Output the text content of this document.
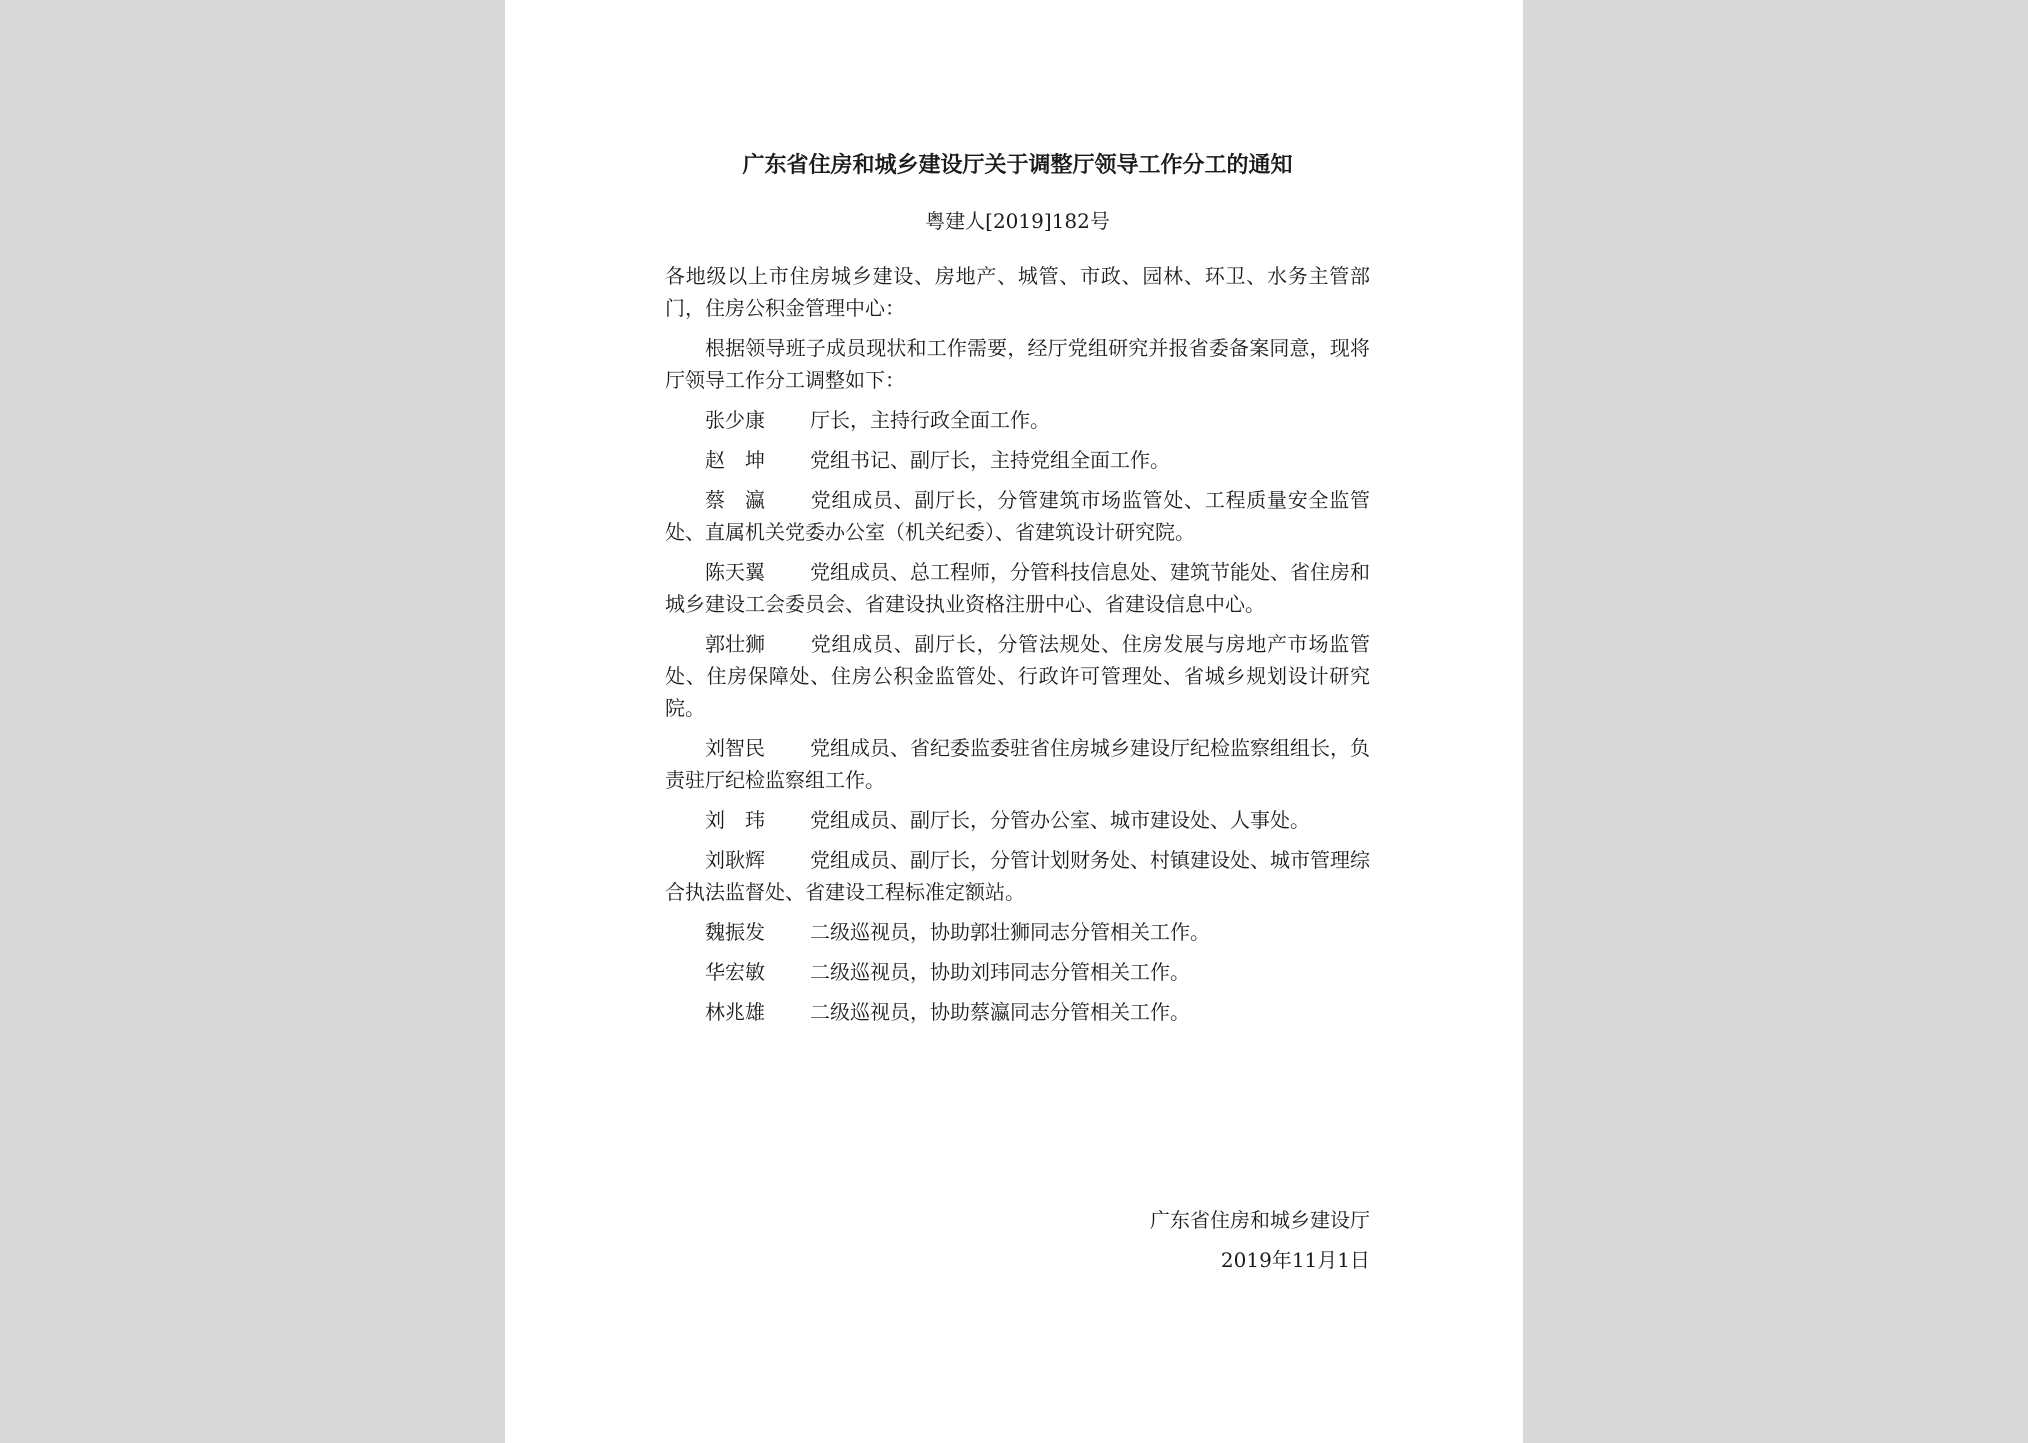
广东省住房和城乡建设厅关于调整厅领导工作分工的通知
粤建人[2019]182号

各地级以上市住房城乡建设、房地产、城管、市政、园林、环卫、水务主管部门，住房公积金管理中心：

根据领导班子成员现状和工作需要，经厅党组研究并报省委备案同意，现将厅领导工作分工调整如下：

张少康 厅长，主持行政全面工作。

赵　坤 党组书记、副厅长，主持党组全面工作。

蔡　瀛 党组成员、副厅长，分管建筑市场监管处、工程质量安全监管处、直属机关党委办公室（机关纪委）、省建筑设计研究院。

陈天翼 党组成员、总工程师，分管科技信息处、建筑节能处、省住房和城乡建设工会委员会、省建设执业资格注册中心、省建设信息中心。

郭壮狮 党组成员、副厅长，分管法规处、住房发展与房地产市场监管处、住房保障处、住房公积金监管处、行政许可管理处、省城乡规划设计研究院。

刘智民 党组成员、省纪委监委驻省住房城乡建设厅纪检监察组组长，负责驻厅纪检监察组工作。

刘　玮 党组成员、副厅长，分管办公室、城市建设处、人事处。

刘耿辉 党组成员、副厅长，分管计划财务处、村镇建设处、城市管理综合执法监督处、省建设工程标准定额站。

魏振发 二级巡视员，协助郭壮狮同志分管相关工作。

华宏敏 二级巡视员，协助刘玮同志分管相关工作。

林兆雄 二级巡视员，协助蔡瀛同志分管相关工作。

广东省住房和城乡建设厅
2019年11月1日
